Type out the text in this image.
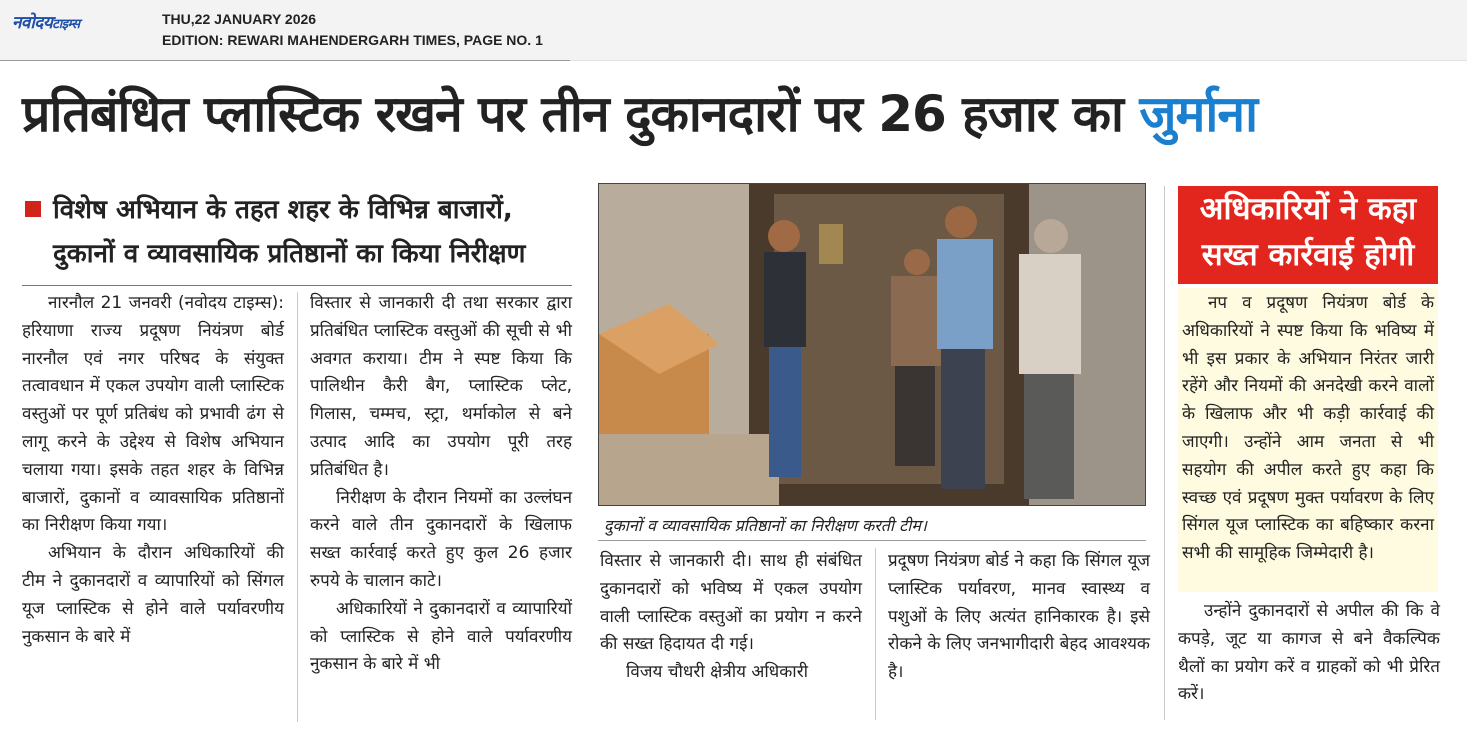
नवोदयटाइम्स	THU,22 JANUARY 2026
EDITION: REWARI MAHENDERGARH TIMES, PAGE NO. 1
प्रतिबंधित प्लास्टिक रखने पर तीन दुकानदारों पर 26 हजार का जुर्माना
विशेष अभियान के तहत शहर के विभिन्न बाजारों,
दुकानों व व्यावसायिक प्रतिष्ठानों का किया निरीक्षण

नारनौल 21 जनवरी (नवोदय टाइम्स): हरियाणा राज्य प्रदूषण नियंत्रण बोर्ड नारनौल एवं नगर परिषद के संयुक्त तत्वावधान में एकल उपयोग वाली प्लास्टिक वस्तुओं पर पूर्ण प्रतिबंध को प्रभावी ढंग से लागू करने के उद्देश्य से विशेष अभियान चलाया गया। इसके तहत शहर के विभिन्न बाजारों, दुकानों व व्यावसायिक प्रतिष्ठानों का निरीक्षण किया गया।

अभियान के दौरान अधिकारियों की टीम ने दुकानदारों व व्यापारियों को सिंगल यूज प्लास्टिक से होने वाले पर्यावरणीय नुकसान के बारे में

विस्तार से जानकारी दी तथा सरकार द्वारा प्रतिबंधित प्लास्टिक वस्तुओं की सूची से भी अवगत कराया। टीम ने स्पष्ट किया कि पालिथीन कैरी बैग, प्लास्टिक प्लेट, गिलास, चम्मच, स्ट्रा, थर्माकोल से बने उत्पाद आदि का उपयोग पूरी तरह प्रतिबंधित है।

निरीक्षण के दौरान नियमों का उल्लंघन करने वाले तीन दुकानदारों के खिलाफ सख्त कार्रवाई करते हुए कुल 26 हजार रुपये के चालान काटे।

अधिकारियों ने दुकानदारों व व्यापारियों को प्लास्टिक से होने वाले पर्यावरणीय नुकसान के बारे में भी

दुकानों व व्यावसायिक प्रतिष्ठानों का निरीक्षण करती टीम।

विस्तार से जानकारी दी। साथ ही संबंधित दुकानदारों को भविष्य में एकल उपयोग वाली प्लास्टिक वस्तुओं का प्रयोग न करने की सख्त हिदायत दी गई।

विजय चौधरी क्षेत्रीय अधिकारी

प्रदूषण नियंत्रण बोर्ड ने कहा कि सिंगल यूज प्लास्टिक पर्यावरण, मानव स्वास्थ्य व पशुओं के लिए अत्यंत हानिकारक है। इसे रोकने के लिए जनभागीदारी बेहद आवश्यक है।

अधिकारियों ने कहा सख्त कार्रवाई होगी

नप व प्रदूषण नियंत्रण बोर्ड के अधिकारियों ने स्पष्ट किया कि भविष्य में भी इस प्रकार के अभियान निरंतर जारी रहेंगे और नियमों की अनदेखी करने वालों के खिलाफ और भी कड़ी कार्रवाई की जाएगी। उन्होंने आम जनता से भी सहयोग की अपील करते हुए कहा कि स्वच्छ एवं प्रदूषण मुक्त पर्यावरण के लिए सिंगल यूज प्लास्टिक का बहिष्कार करना सभी की सामूहिक जिम्मेदारी है।

उन्होंने दुकानदारों से अपील की कि वे कपड़े, जूट या कागज से बने वैकल्पिक थैलों का प्रयोग करें व ग्राहकों को भी प्रेरित करें।
